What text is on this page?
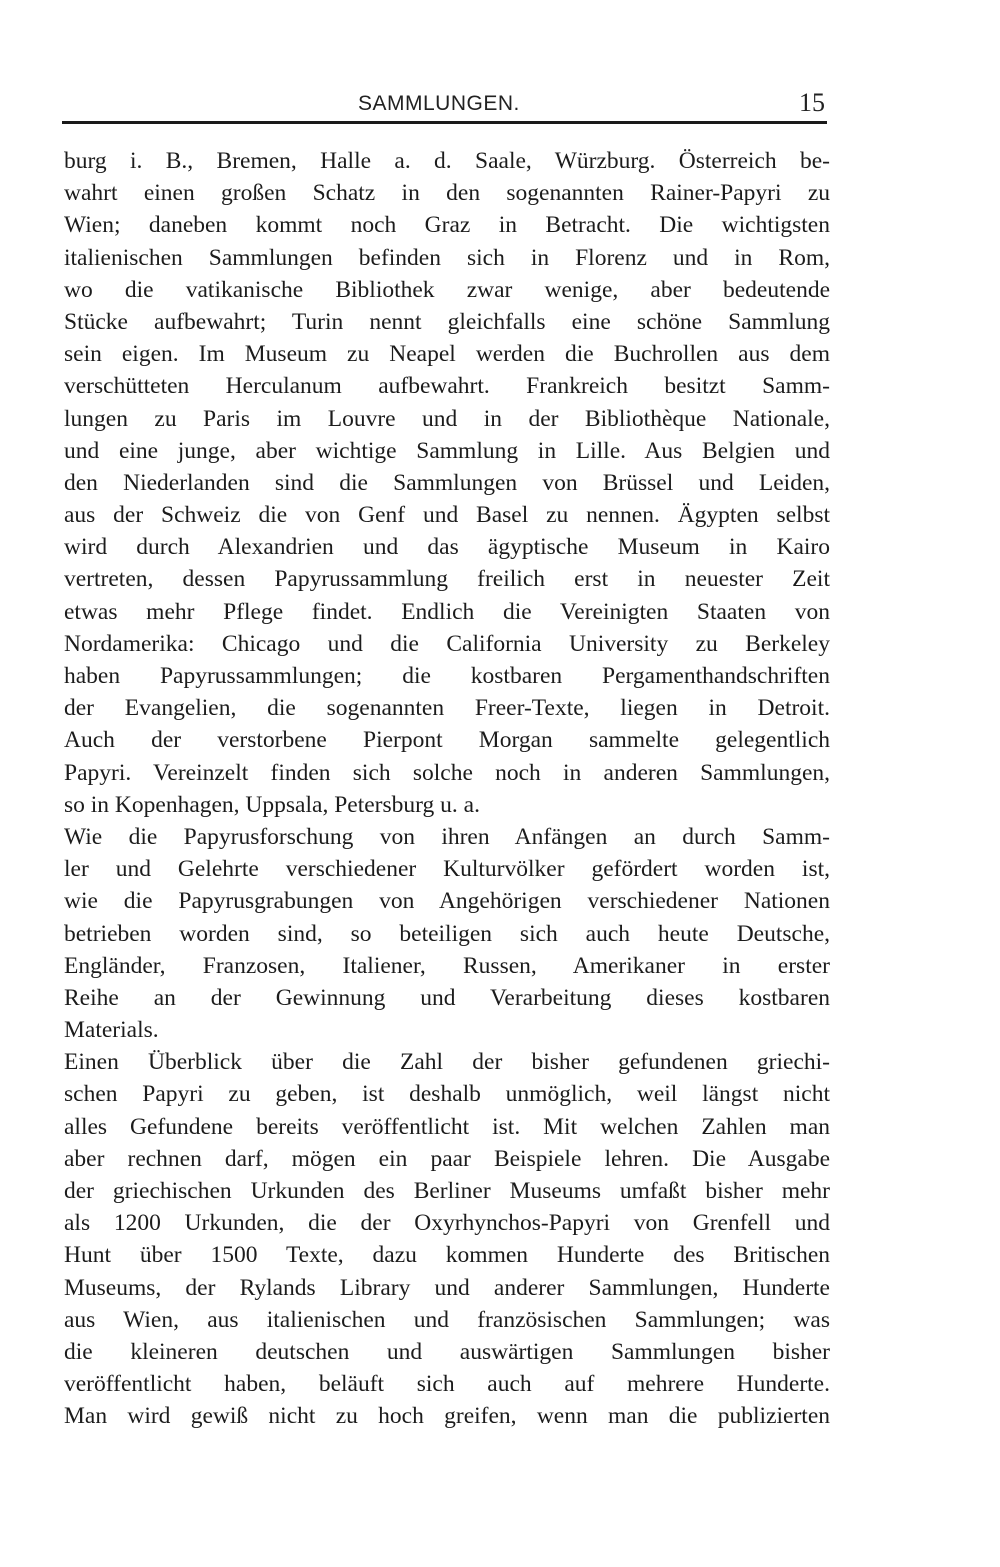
SAMMLUNGEN.	15
burg i. B., Bremen, Halle a. d. Saale, Würzburg. Österreich be-
wahrt einen großen Schatz in den sogenannten Rainer-Papyri zu
Wien; daneben kommt noch Graz in Betracht. Die wichtigsten
italienischen Sammlungen befinden sich in Florenz und in Rom,
wo die vatikanische Bibliothek zwar wenige, aber bedeutende
Stücke aufbewahrt; Turin nennt gleichfalls eine schöne Sammlung
sein eigen. Im Museum zu Neapel werden die Buchrollen aus dem
verschütteten Herculanum aufbewahrt. Frankreich besitzt Samm-
lungen zu Paris im Louvre und in der Bibliothèque Nationale,
und eine junge, aber wichtige Sammlung in Lille. Aus Belgien und
den Niederlanden sind die Sammlungen von Brüssel und Leiden,
aus der Schweiz die von Genf und Basel zu nennen. Ägypten selbst
wird durch Alexandrien und das ägyptische Museum in Kairo
vertreten, dessen Papyrussammlung freilich erst in neuester Zeit
etwas mehr Pflege findet. Endlich die Vereinigten Staaten von
Nordamerika: Chicago und die California University zu Berkeley
haben Papyrussammlungen; die kostbaren Pergamenthandschriften
der Evangelien, die sogenannten Freer-Texte, liegen in Detroit.
Auch der verstorbene Pierpont Morgan sammelte gelegentlich
Papyri. Vereinzelt finden sich solche noch in anderen Sammlungen,
so in Kopenhagen, Uppsala, Petersburg u. a.
Wie die Papyrusforschung von ihren Anfängen an durch Samm-
ler und Gelehrte verschiedener Kulturvölker gefördert worden ist,
wie die Papyrusgrabungen von Angehörigen verschiedener Nationen
betrieben worden sind, so beteiligen sich auch heute Deutsche,
Engländer, Franzosen, Italiener, Russen, Amerikaner in erster
Reihe an der Gewinnung und Verarbeitung dieses kostbaren
Materials.
Einen Überblick über die Zahl der bisher gefundenen griechi-
schen Papyri zu geben, ist deshalb unmöglich, weil längst nicht
alles Gefundene bereits veröffentlicht ist. Mit welchen Zahlen man
aber rechnen darf, mögen ein paar Beispiele lehren. Die Ausgabe
der griechischen Urkunden des Berliner Museums umfaßt bisher mehr
als 1200 Urkunden, die der Oxyrhynchos-Papyri von Grenfell und
Hunt über 1500 Texte, dazu kommen Hunderte des Britischen
Museums, der Rylands Library und anderer Sammlungen, Hunderte
aus Wien, aus italienischen und französischen Sammlungen; was
die kleineren deutschen und auswärtigen Sammlungen bisher
veröffentlicht haben, beläuft sich auch auf mehrere Hunderte.
Man wird gewiß nicht zu hoch greifen, wenn man die publizierten
